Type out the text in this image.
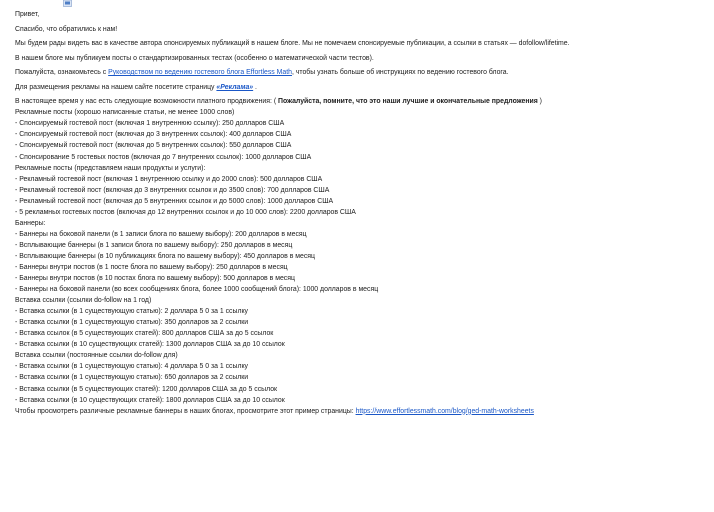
Привет,
Спасибо, что обратились к нам!
Мы будем рады видеть вас в качестве автора спонсируемых публикаций в нашем блоге. Мы не помечаем спонсируемые публикации, а ссылки в статьях — dofollow/lifetime.
В нашем блоге мы публикуем посты о стандартизированных тестах (особенно о математической части тестов).
Пожалуйста, ознакомьтесь с Руководством по ведению гостевого блога Effortless Math, чтобы узнать больше об инструкциях по ведению гостевого блога.
Для размещения рекламы на нашем сайте посетите страницу «Реклама» .
В настоящее время у нас есть следующие возможности платного продвижения: ( Пожалуйста, помните, что это наши лучшие и окончательные предложения )
Рекламные посты (хорошо написанные статьи, не менее 1000 слов)
- Спонсируемый гостевой пост (включая 1 внутреннюю ссылку): 250 долларов США
- Спонсируемый гостевой пост (включая до 3 внутренних ссылок): 400 долларов США
- Спонсируемый гостевой пост (включая до 5 внутренних ссылок): 550 долларов США
- Спонсирование 5 гостевых постов (включая до 7 внутренних ссылок): 1000 долларов США
Рекламные посты (представляем наши продукты и услуги):
- Рекламный гостевой пост (включая 1 внутреннюю ссылку и до 2000 слов): 500 долларов США
- Рекламный гостевой пост (включая до 3 внутренних ссылок и до 3500 слов): 700 долларов США
- Рекламный гостевой пост (включая до 5 внутренних ссылок и до 5000 слов): 1000 долларов США
- 5 рекламных гостевых постов (включая до 12 внутренних ссылок и до 10 000 слов): 2200 долларов США
Баннеры:
- Баннеры на боковой панели (в 1 записи блога по вашему выбору): 200 долларов в месяц
- Всплывающие баннеры (в 1 записи блога по вашему выбору): 250 долларов в месяц
- Всплывающие баннеры (в 10 публикациях блога по вашему выбору): 450 долларов в месяц
- Баннеры внутри постов (в 1 посте блога по вашему выбору): 250 долларов в месяц
- Баннеры внутри постов (в 10 постах блога по вашему выбору): 500 долларов в месяц
- Баннеры на боковой панели (во всех сообщениях блога, более 1000 сообщений блога): 1000 долларов в месяц
Вставка ссылки (ссылки do-follow на 1 год)
- Вставка ссылки (в 1 существующую статью): 2 доллара 5 0 за 1 ссылку
- Вставка ссылки (в 1 существующую статью): 350 долларов за 2 ссылки
- Вставка ссылок (в 5 существующих статей): 800 долларов США за до 5 ссылок
- Вставка ссылки (в 10 существующих статей): 1300 долларов США за до 10 ссылок
Вставка ссылки (постоянные ссылки do-follow для)
- Вставка ссылки (в 1 существующую статью): 4 доллара 5 0 за 1 ссылку
- Вставка ссылки (в 1 существующую статью): 650 долларов за 2 ссылки
- Вставка ссылки (в 5 существующих статей): 1200 долларов США за до 5 ссылок
- Вставка ссылки (в 10 существующих статей): 1800 долларов США за до 10 ссылок
Чтобы просмотреть различные рекламные баннеры в наших блогах, просмотрите этот пример страницы: https://www.effortlessmath.com/blog/ged-math-worksheets
